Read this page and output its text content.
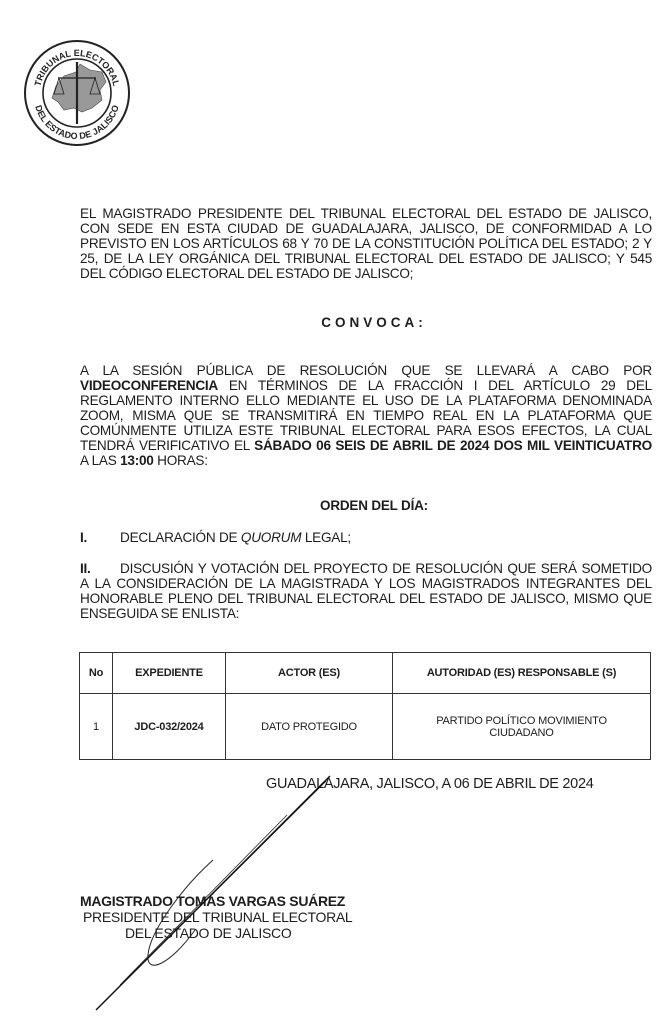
TRIBUNAL ELECTORAL
DEL ESTADO DE JALISCO
EL MAGISTRADO PRESIDENTE DEL TRIBUNAL ELECTORAL DEL ESTADO DE JALISCO,
CON SEDE EN ESTA CIUDAD DE GUADALAJARA, JALISCO, DE CONFORMIDAD A LO
PREVISTO EN LOS ARTÍCULOS 68 Y 70 DE LA CONSTITUCIÓN POLÍTICA DEL ESTADO; 2 Y
25, DE LA LEY ORGÁNICA DEL TRIBUNAL ELECTORAL DEL ESTADO DE JALISCO; Y 545
DEL CÓDIGO ELECTORAL DEL ESTADO DE JALISCO;
CONVOCA:
A LA SESIÓN PÚBLICA DE RESOLUCIÓN QUE SE LLEVARÁ A CABO POR
VIDEOCONFERENCIA EN TÉRMINOS DE LA FRACCIÓN I DEL ARTÍCULO 29 DEL
REGLAMENTO INTERNO ELLO MEDIANTE EL USO DE LA PLATAFORMA DENOMINADA
ZOOM, MISMA QUE SE TRANSMITIRÁ EN TIEMPO REAL EN LA PLATAFORMA QUE
COMÚNMENTE UTILIZA ESTE TRIBUNAL ELECTORAL PARA ESOS EFECTOS, LA CUAL
TENDRÁ VERIFICATIVO EL SÁBADO 06 SEIS DE ABRIL DE 2024 DOS MIL VEINTICUATRO
A LAS 13:00 HORAS:
ORDEN DEL DÍA:
I. DECLARACIÓN DE QUORUM LEGAL;
II. DISCUSIÓN Y VOTACIÓN DEL PROYECTO DE RESOLUCIÓN QUE SERÁ SOMETIDO
A LA CONSIDERACIÓN DE LA MAGISTRADA Y LOS MAGISTRADOS INTEGRANTES DEL
HONORABLE PLENO DEL TRIBUNAL ELECTORAL DEL ESTADO DE JALISCO, MISMO QUE
ENSEGUIDA SE ENLISTA:
No	EXPEDIENTE	ACTOR (ES)	AUTORIDAD (ES) RESPONSABLE (S)
1	JDC-032/2024	DATO PROTEGIDO	PARTIDO POLÍTICO MOVIMIENTO
CIUDADANO
GUADALAJARA, JALISCO, A 06 DE ABRIL DE 2024
MAGISTRADO TOMÁS VARGAS SUÁREZ
PRESIDENTE DEL TRIBUNAL ELECTORAL
DEL ESTADO DE JALISCO
